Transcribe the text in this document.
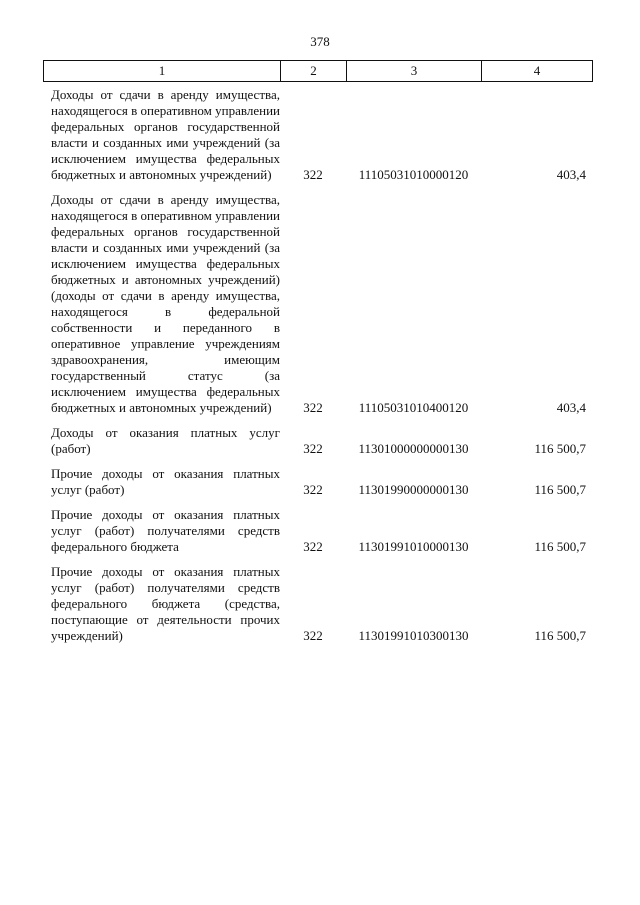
378
1	2	3	4
Доходы от сдачи в аренду имущества, находящегося в оперативном управлении федеральных органов государственной власти и созданных ими учреждений (за исключением имущества федеральных бюджетных и автономных учреждений)	322	11105031010000120	403,4
Доходы от сдачи в аренду имущества, находящегося в оперативном управлении федеральных органов государственной власти и созданных ими учреждений (за исключением имущества федеральных бюджетных и автономных учреждений) (доходы от сдачи в аренду имущества, находящегося в федеральной собственности и переданного в оперативное управление учреждениям здравоохранения, имеющим государственный статус (за исключением имущества федеральных бюджетных и автономных учреждений)	322	11105031010400120	403,4
Доходы от оказания платных услуг (работ)	322	11301000000000130	116 500,7
Прочие доходы от оказания платных услуг (работ)	322	11301990000000130	116 500,7
Прочие доходы от оказания платных услуг (работ) получателями средств федерального бюджета	322	11301991010000130	116 500,7
Прочие доходы от оказания платных услуг (работ) получателями средств федерального бюджета (средства, поступающие от деятельности прочих учреждений)	322	11301991010300130	116 500,7
